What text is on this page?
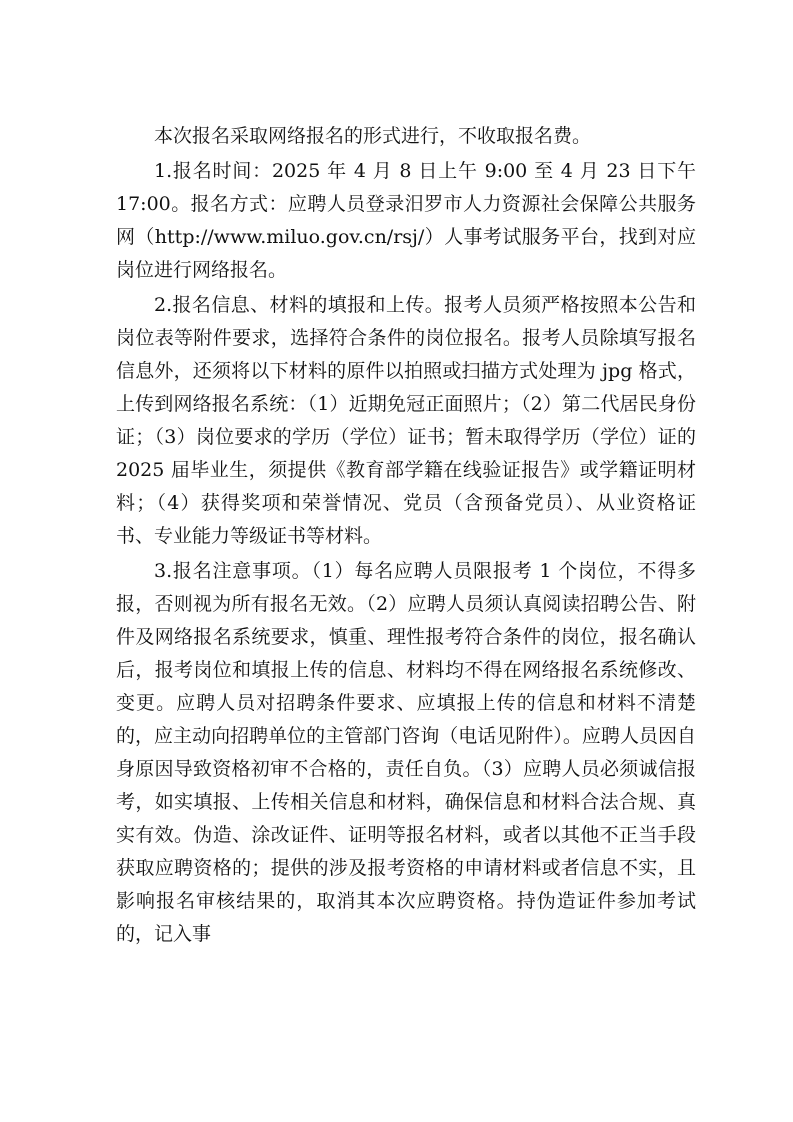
本次报名采取网络报名的形式进行，不收取报名费。

1.报名时间：2025 年 4 月 8 日上午 9:00 至 4 月 23 日下午 17:00。报名方式：应聘人员登录汨罗市人力资源社会保障公共服务网（http://www.miluo.gov.cn/rsj/）人事考试服务平台，找到对应岗位进行网络报名。

2.报名信息、材料的填报和上传。报考人员须严格按照本公告和岗位表等附件要求，选择符合条件的岗位报名。报考人员除填写报名信息外，还须将以下材料的原件以拍照或扫描方式处理为 jpg 格式，上传到网络报名系统：（1）近期免冠正面照片；（2）第二代居民身份证；（3）岗位要求的学历（学位）证书；暂未取得学历（学位）证的 2025 届毕业生，须提供《教育部学籍在线验证报告》或学籍证明材料；（4）获得奖项和荣誉情况、党员（含预备党员）、从业资格证书、专业能力等级证书等材料。

3.报名注意事项。（1）每名应聘人员限报考 1 个岗位，不得多报，否则视为所有报名无效。（2）应聘人员须认真阅读招聘公告、附件及网络报名系统要求，慎重、理性报考符合条件的岗位，报名确认后，报考岗位和填报上传的信息、材料均不得在网络报名系统修改、变更。应聘人员对招聘条件要求、应填报上传的信息和材料不清楚的，应主动向招聘单位的主管部门咨询（电话见附件）。应聘人员因自身原因导致资格初审不合格的，责任自负。（3）应聘人员必须诚信报考，如实填报、上传相关信息和材料，确保信息和材料合法合规、真实有效。伪造、涂改证件、证明等报名材料，或者以其他不正当手段获取应聘资格的；提供的涉及报考资格的申请材料或者信息不实，且影响报名审核结果的，取消其本次应聘资格。持伪造证件参加考试的，记入事
